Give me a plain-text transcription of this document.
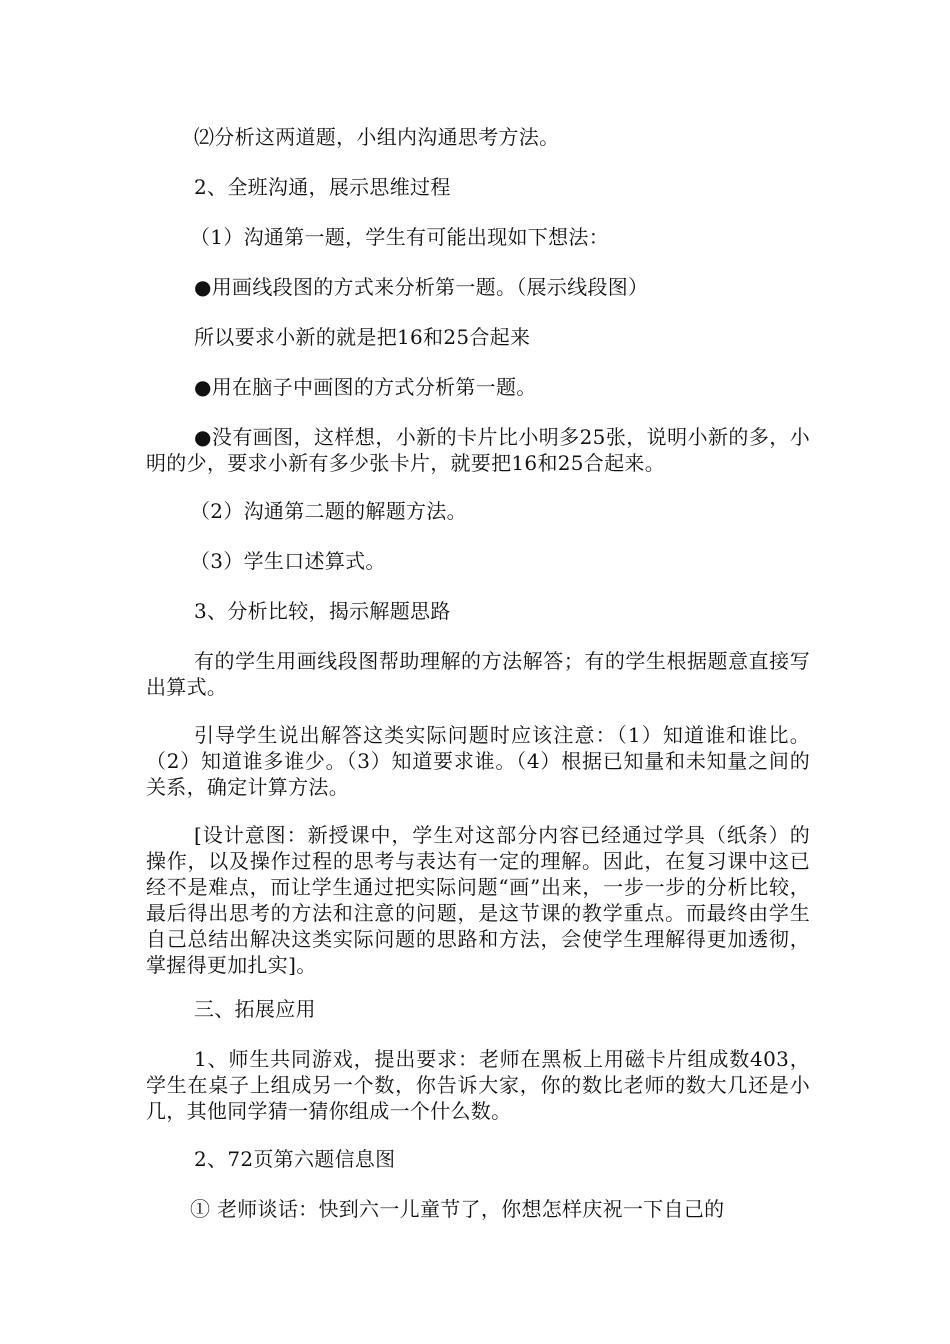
⑵分析这两道题，小组内沟通思考方法。

2、全班沟通，展示思维过程

（1）沟通第一题，学生有可能出现如下想法：

●用画线段图的方式来分析第一题。（展示线段图）

所以要求小新的就是把16和25合起来

●用在脑子中画图的方式分析第一题。

●没有画图，这样想，小新的卡片比小明多25张，说明小新的多，小明的少，要求小新有多少张卡片，就要把16和25合起来。

（2）沟通第二题的解题方法。

（3）学生口述算式。

3、分析比较，揭示解题思路

有的学生用画线段图帮助理解的方法解答；有的学生根据题意直接写出算式。

引导学生说出解答这类实际问题时应该注意：（1）知道谁和谁比。（2）知道谁多谁少。（3）知道要求谁。（4）根据已知量和未知量之间的关系，确定计算方法。

[设计意图：新授课中，学生对这部分内容已经通过学具（纸条）的操作，以及操作过程的思考与表达有一定的理解。因此，在复习课中这已经不是难点，而让学生通过把实际问题“画”出来，一步一步的分析比较，最后得出思考的方法和注意的问题，是这节课的教学重点。而最终由学生自己总结出解决这类实际问题的思路和方法，会使学生理解得更加透彻，掌握得更加扎实]。

三、拓展应用

1、师生共同游戏，提出要求：老师在黑板上用磁卡片组成数403，学生在桌子上组成另一个数，你告诉大家，你的数比老师的数大几还是小几，其他同学猜一猜你组成一个什么数。

2、72页第六题信息图

① 老师谈话：快到六一儿童节了，你想怎样庆祝一下自己的
